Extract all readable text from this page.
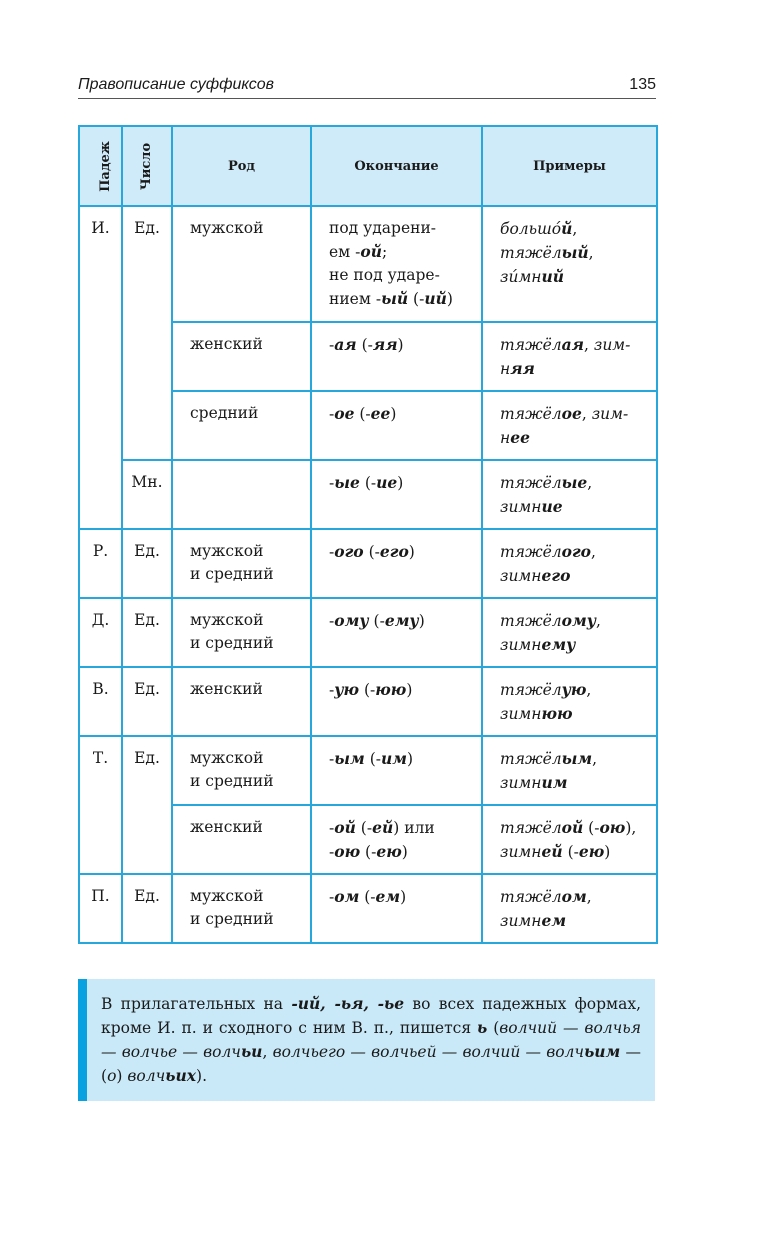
Правописание суффиксов	135
Падеж	Число	Род	Окончание	Примеры
И.	Ед.	мужской	под ударени-
ем -ой;
не под ударе-
нием -ый (-ий)	большóй,
тяжёлый,
зимний
		женский	-ая (-яя)	тяжёлая, зим-
няя
		средний	-ое (-ее)	тяжёлое, зим-
нее
	Мн.		-ые (-ие)	тяжёлые,
зимние
Р.	Ед.	мужской
и средний	-ого (-его)	тяжёлого,
зимнего
Д.	Ед.	мужской
и средний	-ому (-ему)	тяжёлому,
зимнему
В.	Ед.	женский	-ую (-юю)	тяжёлую,
зимнюю
Т.	Ед.	мужской
и средний	-ым (-им)	тяжёлым,
зимним
		женский	-ой (-ей) или
-ою (-ею)	тяжёлой (-ою),
зимней (-ею)
П.	Ед.	мужской
и средний	-ом (-ем)	тяжёлом,
зимнем
В прилагательных на -ий, -ья, -ье во всех падежных формах, кроме И. п. и сходного с ним В. п., пишется ь (волчий — волчья — волчье — волчьи, волчьего — волчьей — волчий — волчьим — (о) волчьих).
